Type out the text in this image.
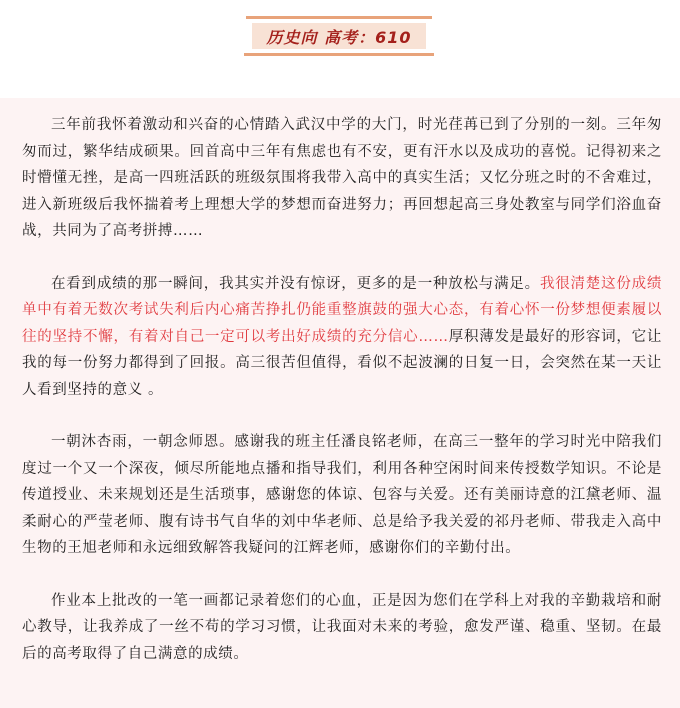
历史向 高考：610

三年前我怀着激动和兴奋的心情踏入武汉中学的大门，时光荏苒已到了分别的一刻。三年匆匆而过，繁华结成硕果。回首高中三年有焦虑也有不安，更有汗水以及成功的喜悦。记得初来之时懵懂无挫，是高一四班活跃的班级氛围将我带入高中的真实生活；又忆分班之时的不舍难过，进入新班级后我怀揣着考上理想大学的梦想而奋进努力；再回想起高三身处教室与同学们浴血奋战，共同为了高考拼搏……

在看到成绩的那一瞬间，我其实并没有惊讶，更多的是一种放松与满足。我很清楚这份成绩单中有着无数次考试失利后内心痛苦挣扎仍能重整旗鼓的强大心态，有着心怀一份梦想便素履以往的坚持不懈，有着对自己一定可以考出好成绩的充分信心……厚积薄发是最好的形容词，它让我的每一份努力都得到了回报。高三很苦但值得，看似不起波澜的日复一日，会突然在某一天让人看到坚持的意义 。

一朝沐杏雨，一朝念师恩。感谢我的班主任潘良铭老师，在高三一整年的学习时光中陪我们度过一个又一个深夜，倾尽所能地点播和指导我们，利用各种空闲时间来传授数学知识。不论是传道授业、未来规划还是生活琐事，感谢您的体谅、包容与关爱。还有美丽诗意的江黛老师、温柔耐心的严莹老师、腹有诗书气自华的刘中华老师、总是给予我关爱的祁丹老师、带我走入高中生物的王旭老师和永远细致解答我疑问的江辉老师，感谢你们的辛勤付出。

作业本上批改的一笔一画都记录着您们的心血，正是因为您们在学科上对我的辛勤栽培和耐心教导，让我养成了一丝不苟的学习习惯，让我面对未来的考验，愈发严谨、稳重、坚韧。在最后的高考取得了自己满意的成绩。
